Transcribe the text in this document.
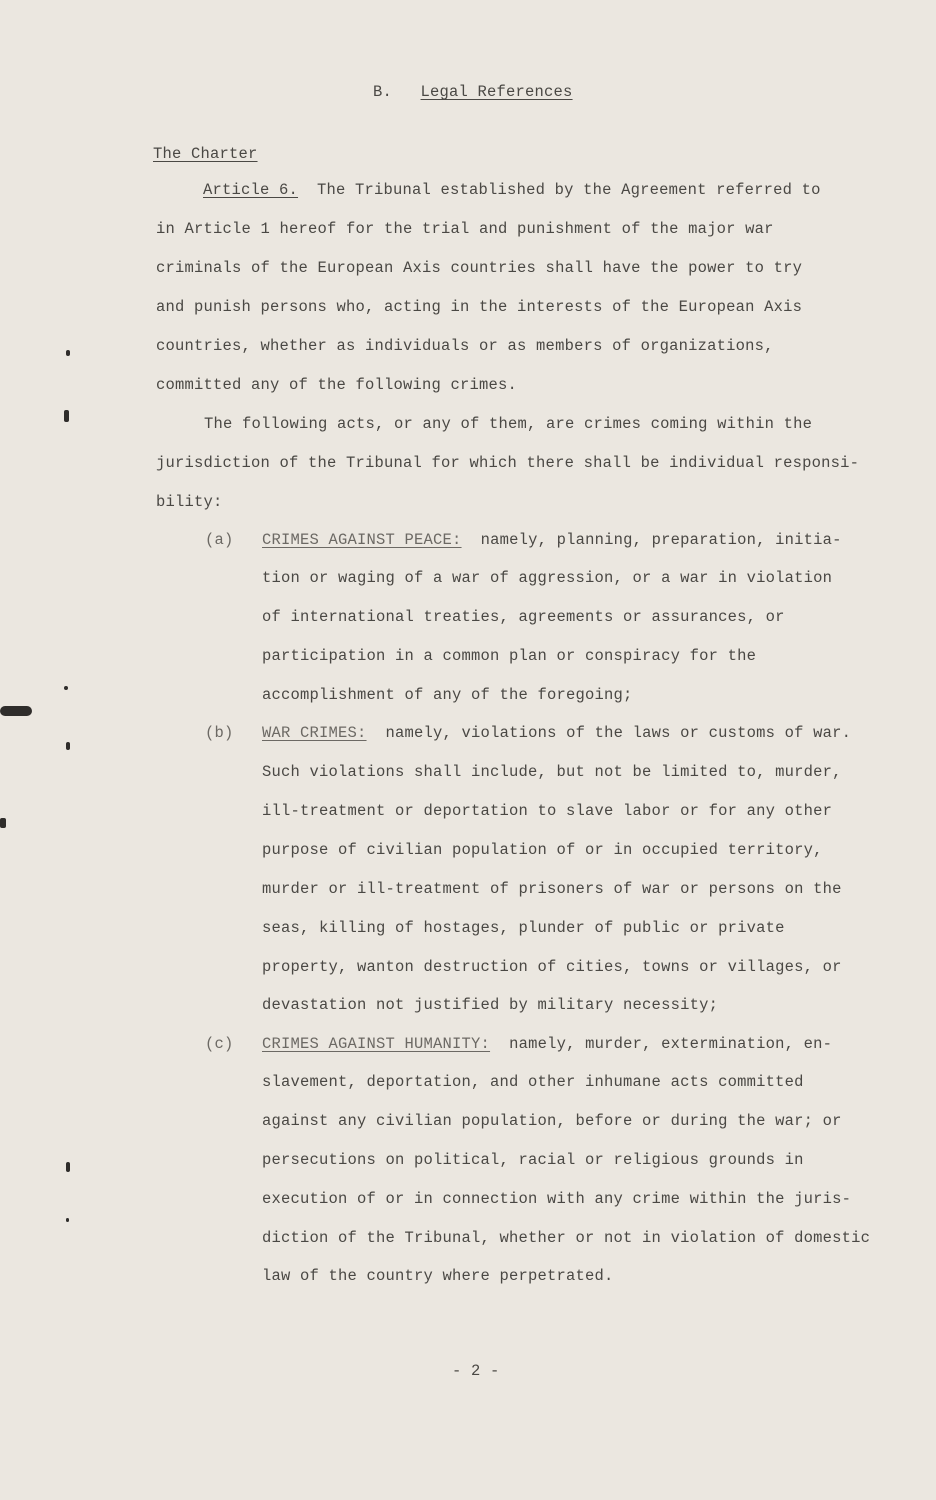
B. Legal References
The Charter
Article 6. The Tribunal established by the Agreement referred to
in Article 1 hereof for the trial and punishment of the major war
criminals of the European Axis countries shall have the power to try
and punish persons who, acting in the interests of the European Axis
countries, whether as individuals or as members of organizations,
committed any of the following crimes.
The following acts, or any of them, are crimes coming within the
jurisdiction of the Tribunal for which there shall be individual responsi-
bility:
(a) CRIMES AGAINST PEACE: namely, planning, preparation, initia-
tion or waging of a war of aggression, or a war in violation
of international treaties, agreements or assurances, or
participation in a common plan or conspiracy for the
accomplishment of any of the foregoing;
(b) WAR CRIMES: namely, violations of the laws or customs of war.
Such violations shall include, but not be limited to, murder,
ill-treatment or deportation to slave labor or for any other
purpose of civilian population of or in occupied territory,
murder or ill-treatment of prisoners of war or persons on the
seas, killing of hostages, plunder of public or private
property, wanton destruction of cities, towns or villages, or
devastation not justified by military necessity;
(c) CRIMES AGAINST HUMANITY: namely, murder, extermination, en-
slavement, deportation, and other inhumane acts committed
against any civilian population, before or during the war; or
persecutions on political, racial or religious grounds in
execution of or in connection with any crime within the juris-
diction of the Tribunal, whether or not in violation of domestic
law of the country where perpetrated.
- 2 -
